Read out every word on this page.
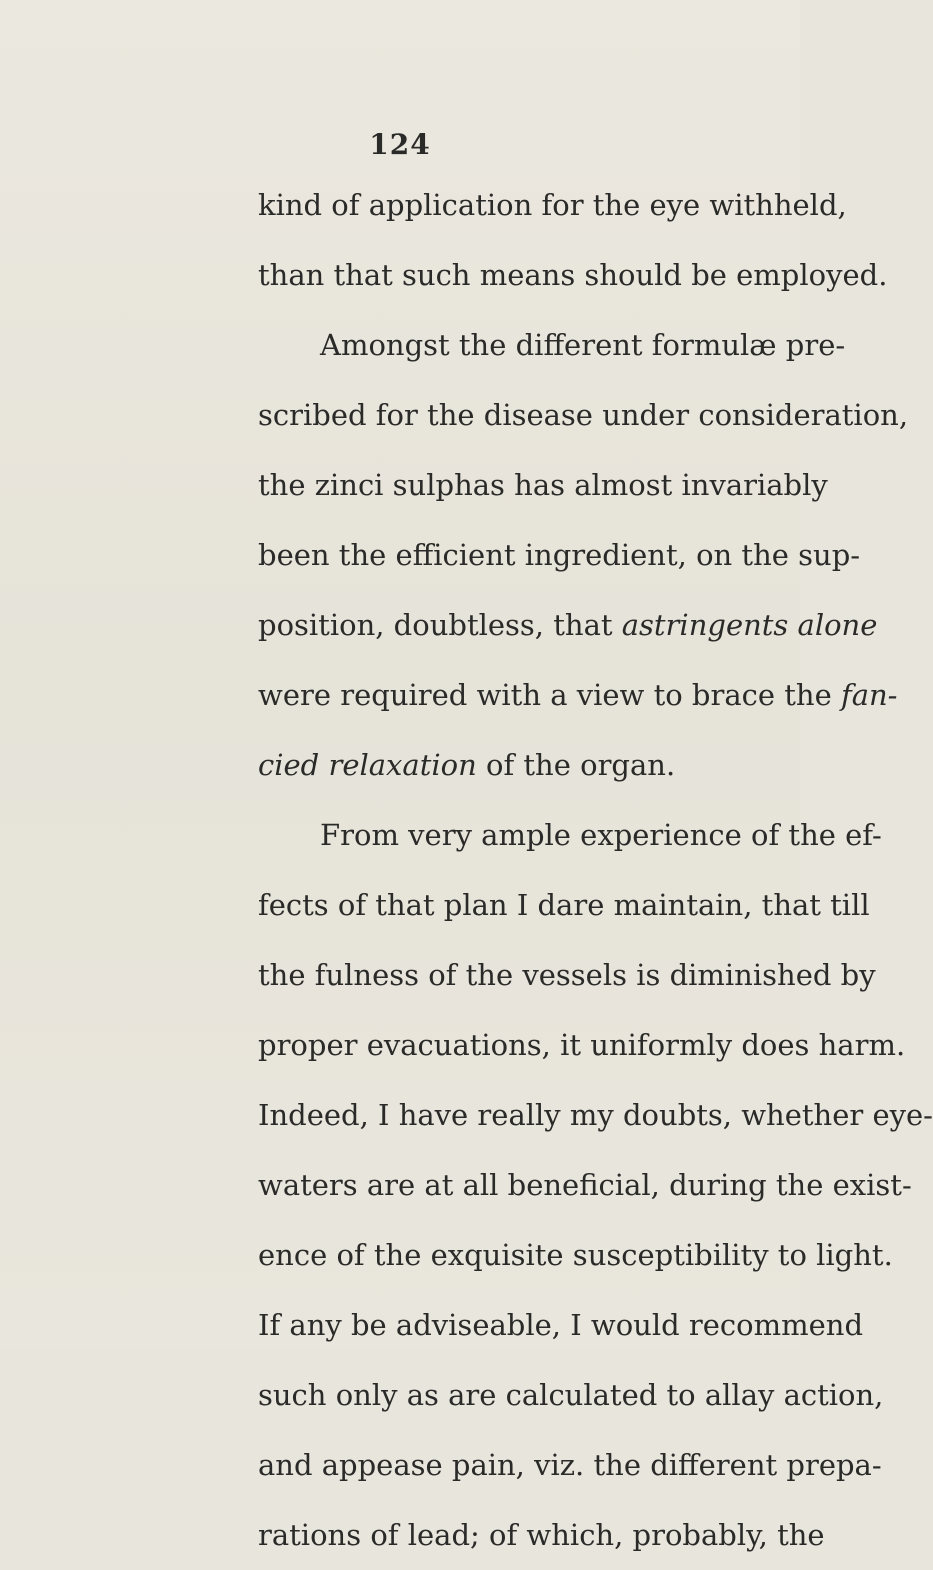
124
kind of application for the eye withheld,
than that such means should be employed.
Amongst the different formulæ pre-
scribed for the disease under consideration,
the zinci sulphas has almost invariably
been the efficient ingredient, on the sup-
position, doubtless, that astringents alone
were required with a view to brace the fan-
cied relaxation of the organ.
From very ample experience of the ef-
fects of that plan I dare maintain, that till
the fulness of the vessels is diminished by
proper evacuations, it uniformly does harm.
Indeed, I have really my doubts, whether eye-
waters are at all beneficial, during the exist-
ence of the exquisite susceptibility to light.
If any be adviseable, I would recommend
such only as are calculated to allay action,
and appease pain, viz. the different prepa-
rations of lead; of which, probably, the
